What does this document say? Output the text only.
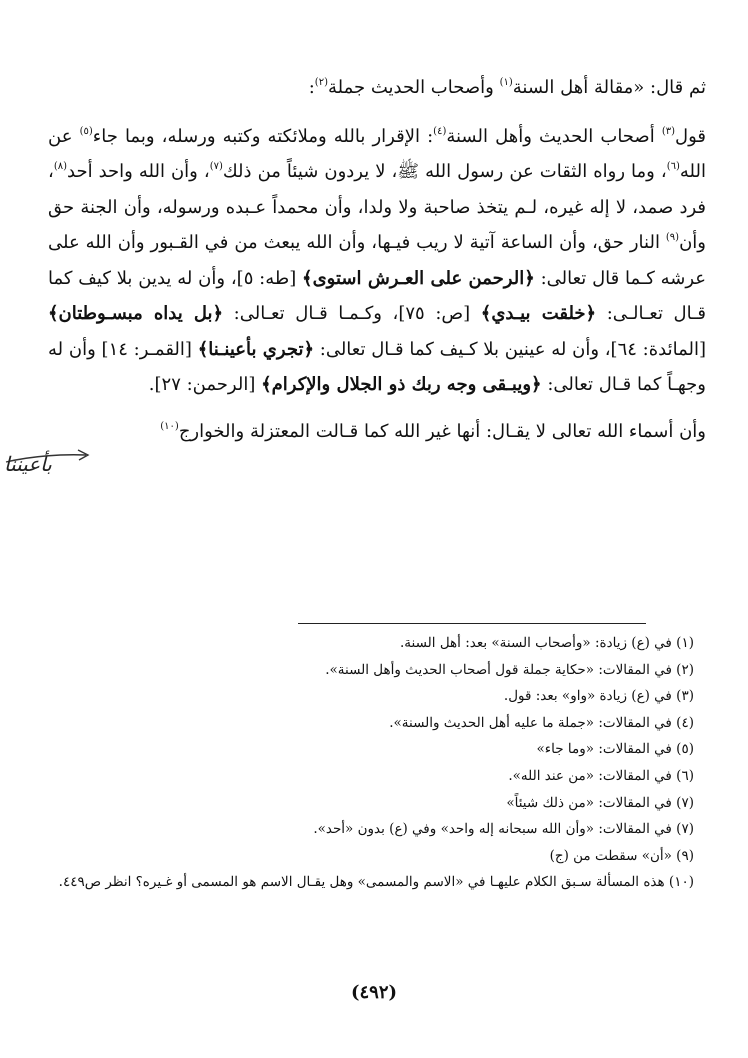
ثم قال: «مقالة أهل السنة$^{(١)}$ وأصحاب الحديث جملة$^{(٢)}$:

قول$^{(٣)}$ أصحاب الحديث وأهل السنة$^{(٤)}$: الإقرار بالله وملائكته وكتبه ورسله، وبما جاء$^{(٥)}$ عن الله$^{(٦)}$، وما رواه الثقات عن رسول الله ﷺ، لا يردون شيئاً من ذلك$^{(٧)}$، وأن الله واحد أحد$^{(٨)}$، فرد صمد، لا إله غيره، لـم يتخذ صاحبة ولا ولدا، وأن محمداً عـبده ورسوله، وأن الجنة حق وأن$^{(٩)}$ النار حق، وأن الساعة آتية لا ريب فيـها، وأن الله يبعث من في القـبور وأن الله على عرشه كـما قال تعالى: ﴿الرحمن على العـرش استوى﴾ [طه: ٥]، وأن له يدين بلا كيف كما قـال تعـالـى: ﴿خلقت بيـدي﴾ [ص: ٧٥]، وكـمـا قـال تعـالى: ﴿بل يداه مبسـوطتان﴾ [المائدة: ٦٤]، وأن له عينين بلا كـيف كما قـال تعالى: ﴿تجري بأعينـنا﴾ [القمـر: ١٤] وأن له وجهـاً كما قـال تعالى: ﴿ويبـقى وجه ربك ذو الجلال والإكرام﴾ [الرحمن: ٢٧].

وأن أسماء الله تعالى لا يقـال: أنها غير الله كما قـالت المعتزلة والخوارج$^{(١٠)}$

بأعيننا

(١) في (ع) زيادة: «وأصحاب السنة» بعد: أهل السنة.

(٢) في المقالات: «حكاية جملة قول أصحاب الحديث وأهل السنة».

(٣) في (ع) زيادة «واو» بعد: قول.

(٤) في المقالات: «جملة ما عليه أهل الحديث والسنة».

(٥) في المقالات: «وما جاء»

(٦) في المقالات: «من عند الله».

(٧) في المقالات: «من ذلك شيئاً»

(٧) في المقالات: «وأن الله سبحانه إله واحد» وفي (ع) بدون «أحد».

(٩) «أن» سقطت من (ج)

(١٠) هذه المسألة سـبق الكلام عليهـا في «الاسم والمسمى» وهل يقـال الاسم هو المسمى أو غـيره؟ انظر ص٤٤٩.

(٤٩٢)
